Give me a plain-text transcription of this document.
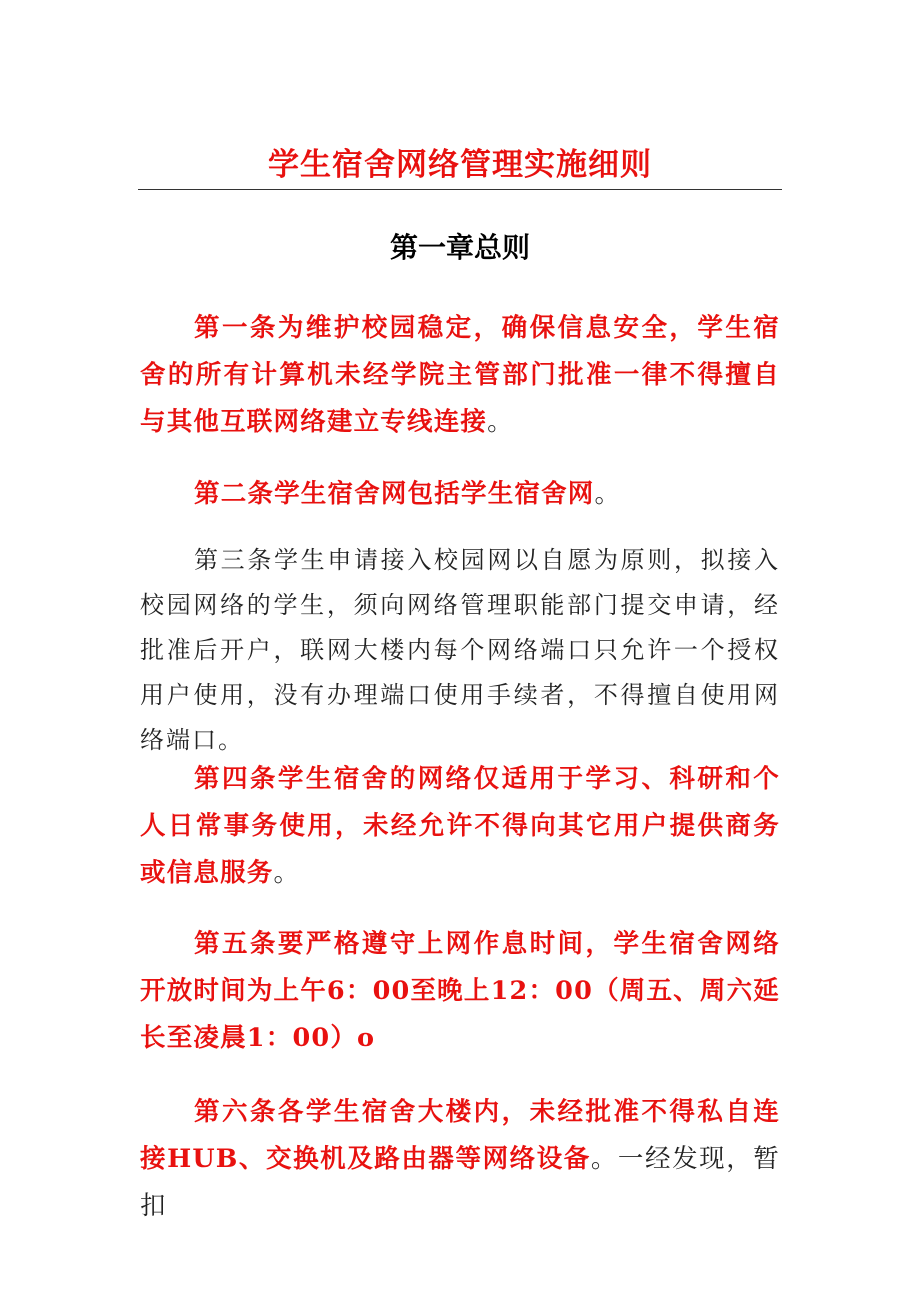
学生宿舍网络管理实施细则
第一章总则

第一条为维护校园稳定，确保信息安全，学生宿舍的所有计算机未经学院主管部门批准一律不得擅自与其他互联网络建立专线连接。

第二条学生宿舍网包括学生宿舍网。

第三条学生申请接入校园网以自愿为原则，拟接入校园网络的学生，须向网络管理职能部门提交申请，经批准后开户，联网大楼内每个网络端口只允许一个授权用户使用，没有办理端口使用手续者，不得擅自使用网络端口。

第四条学生宿舍的网络仅适用于学习、科研和个人日常事务使用，未经允许不得向其它用户提供商务或信息服务。

第五条要严格遵守上网作息时间，学生宿舍网络开放时间为上午6：00至晚上12：00（周五、周六延长至凌晨1：00）o

第六条各学生宿舍大楼内，未经批准不得私自连接HUB、交换机及路由器等网络设备。一经发现，暂扣
